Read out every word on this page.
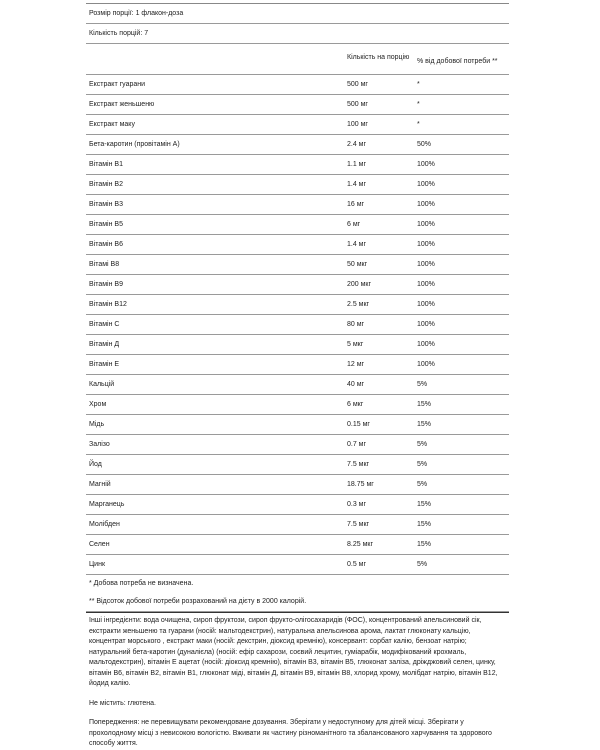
Розмір порції: 1 флакон-доза
Кількість порцій: 7
Кількість на порцію
% від добової потреби **
Екстракт гуарани	500 мг	*
Екстракт женьшеню	500 мг	*
Екстракт маку	100 мг	*
Бета-каротин (провітамін А)	2.4 мг	50%
Вітамін В1	1.1 мг	100%
Вітамін В2	1.4 мг	100%
Вітамін В3	16 мг	100%
Вітамін В5	6 мг	100%
Вітамін В6	1.4 мг	100%
Вітамі В8	50 мкг	100%
Вітамін В9	200 мкг	100%
Вітамін В12	2.5 мкг	100%
Вітамін С	80 мг	100%
Вітамін Д	5 мкг	100%
Вітамін Е	12 мг	100%
Кальцій	40 мг	5%
Хром	6 мкг	15%
Мідь	0.15 мг	15%
Залізо	0.7 мг	5%
Йод	7.5 мкг	5%
Магній	18.75 мг	5%
Марганець	0.3 мг	15%
Молібден	7.5 мкг	15%
Селен	8.25 мкг	15%
Цинк	0.5 мг	5%
* Добова потреба не визначена.
** Відсоток добової потреби розрахований на дієту в 2000 калорій.
Інші інгредієнти: вода очищена, сироп фруктози, сироп фруктo-олігосахаридів (ФОС), концентрований апельсиновий сік, екстракти женьшеню та гуарани (носій: мальтодекстрин), натуральна апельсинова арома, лактат глюконату кальцію, концентрат морського , екстракт маки (носій: декстрин, діоксид кремнію), консервант: сорбат калію, бензоат натрію; натуральний бета-каротин (дуналієла) (носій: ефір сахарози, соєвий лецитин, гуміарабік, модифікований крохмаль, мальтодекстрин), вітамін Е ацетат (носій: діоксид кремнію), вітамін В3, вітамін В5, глюконат заліза, дріжджовий селен, цинку, вітамін В6, вітамін В2, вітамін В1, глюконат міді, вітамін Д, вітамін В9, вітамін В8, хлорид хрому, молібдат натрію, вітамін В12, йодид калію.
Не містить: глютена.
Попередження: не перевищувати рекомендоване дозування. Зберігати у недоступному для дітей місці. Зберігати у прохолодному місці з невисокою вологістю. Вживати як частину різноманітного та збалансованого харчування та здорового способу життя.
